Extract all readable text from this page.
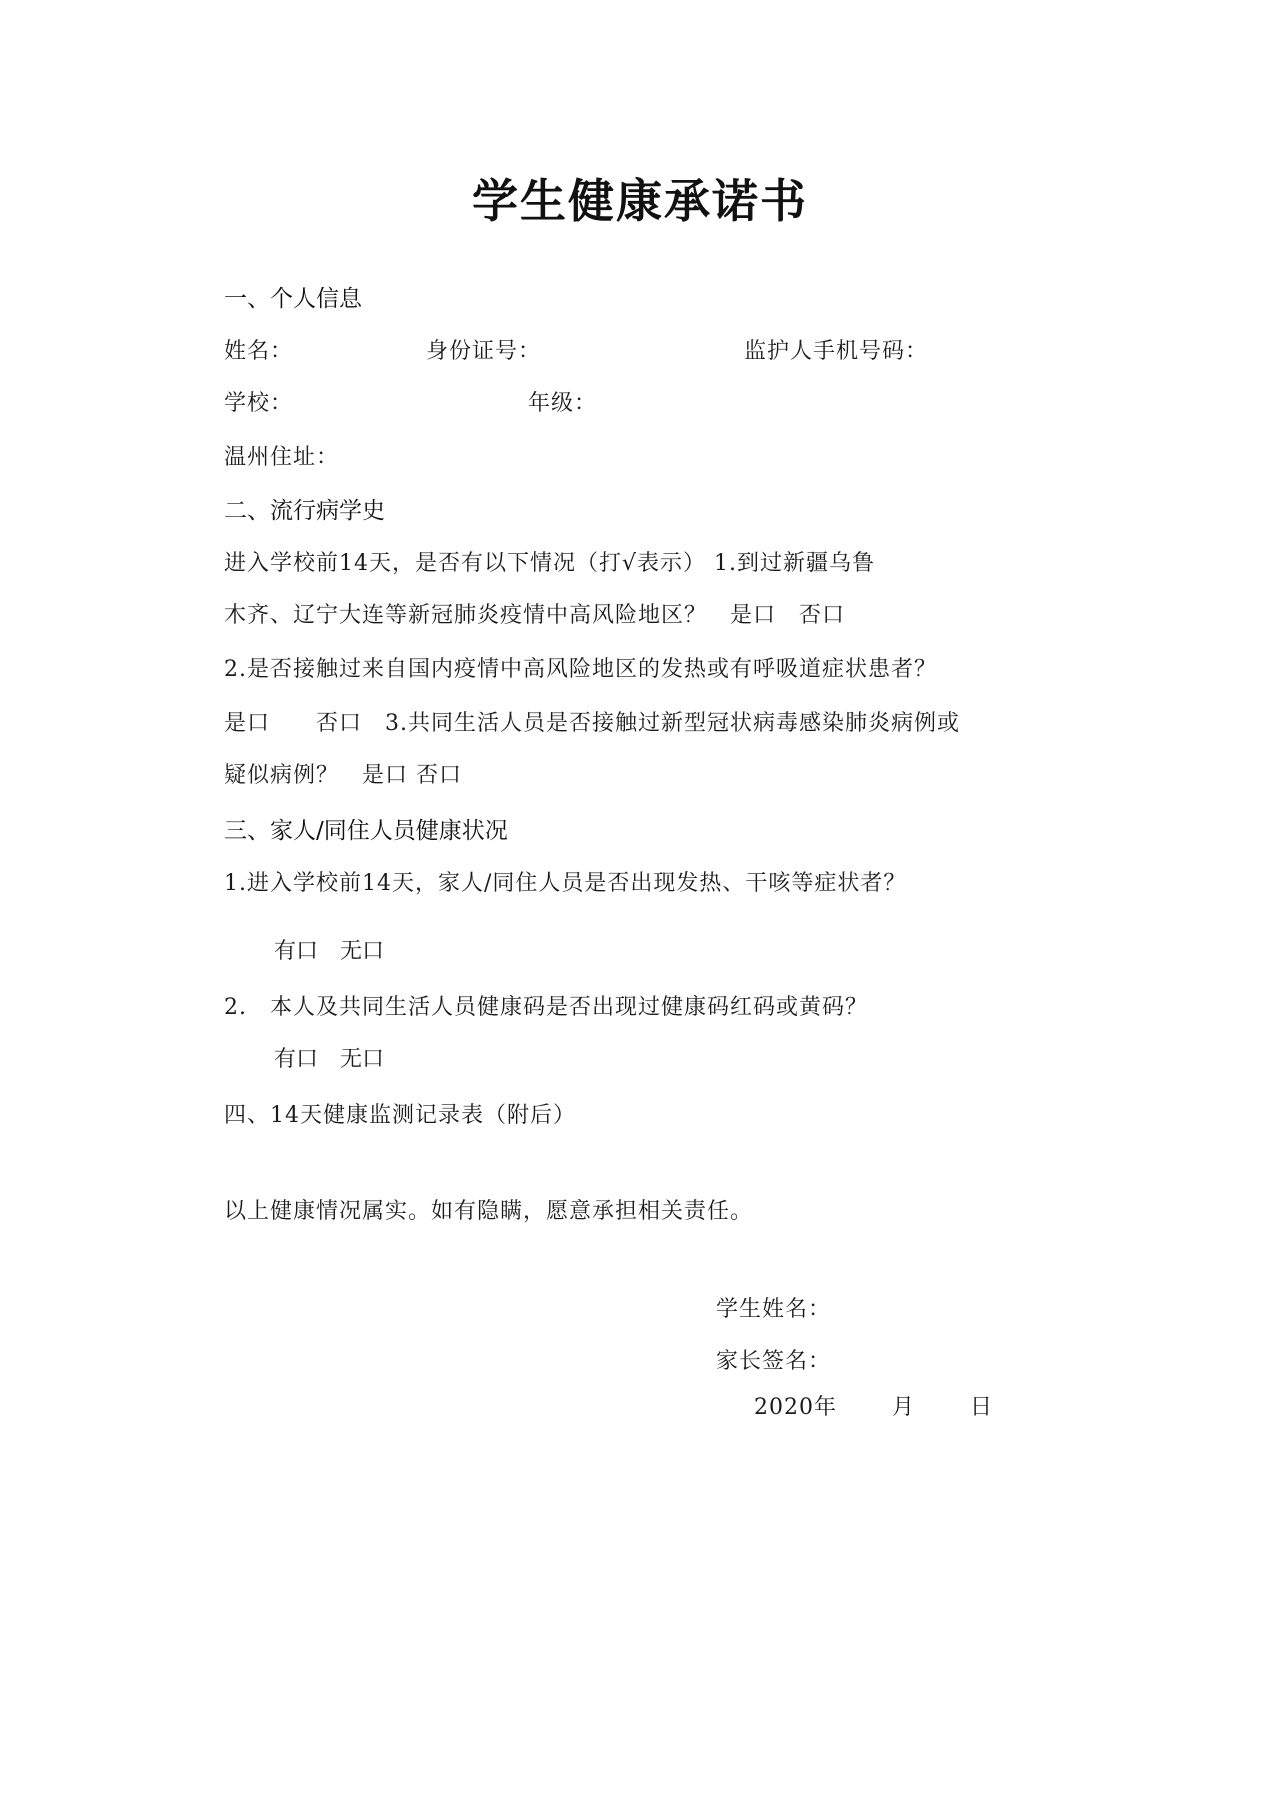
学生健康承诺书
一、个人信息
姓名：	身份证号：	监护人手机号码：
学校：	年级：
温州住址：
二、流行病学史
进入学校前14天，是否有以下情况（打√表示） 1.到过新疆乌鲁
木齐、辽宁大连等新冠肺炎疫情中高风险地区？　是口　否口
2.是否接触过来自国内疫情中高风险地区的发热或有呼吸道症状患者？
是口　　否口　3.共同生活人员是否接触过新型冠状病毒感染肺炎病例或
疑似病例？　是口 否口
三、家人/同住人员健康状况
1.进入学校前14天，家人/同住人员是否出现发热、干咳等症状者？
有口　无口
2.　本人及共同生活人员健康码是否出现过健康码红码或黄码？
有口　无口
四、14天健康监测记录表（附后）
以上健康情况属实。如有隐瞒，愿意承担相关责任。
学生姓名：
家长签名：
2020年	月 日
